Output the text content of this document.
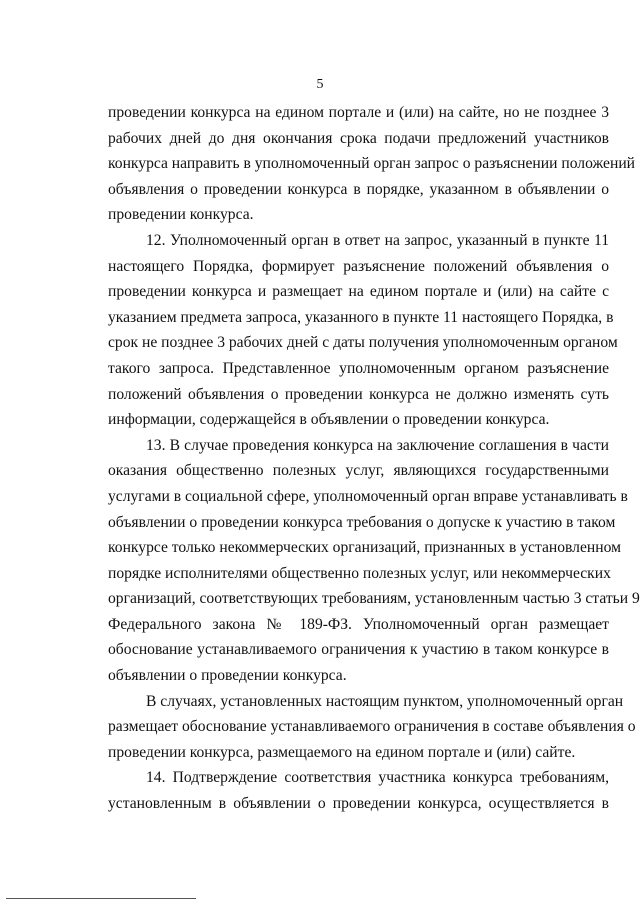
5

проведении конкурса на едином портале и (или) на сайте, но не позднее 3
рабочих дней до дня окончания срока подачи предложений участников
конкурса направить в уполномоченный орган запрос о разъяснении положений
объявления о проведении конкурса в порядке, указанном в объявлении о
проведении конкурса.

12. Уполномоченный орган в ответ на запрос, указанный в пункте 11
настоящего Порядка, формирует разъяснение положений объявления о
проведении конкурса и размещает на едином портале и (или) на сайте с
указанием предмета запроса, указанного в пункте 11 настоящего Порядка, в
срок не позднее 3 рабочих дней с даты получения уполномоченным органом
такого запроса. Представленное уполномоченным органом разъяснение
положений объявления о проведении конкурса не должно изменять суть
информации, содержащейся в объявлении о проведении конкурса.

13. В случае проведения конкурса на заключение соглашения в части
оказания общественно полезных услуг, являющихся государственными
услугами в социальной сфере, уполномоченный орган вправе устанавливать в
объявлении о проведении конкурса требования о допуске к участию в таком
конкурсе только некоммерческих организаций, признанных в установленном
порядке исполнителями общественно полезных услуг, или некоммерческих
организаций, соответствующих требованиям, установленным частью 3 статьи 9
Федерального закона № 189-ФЗ. Уполномоченный орган размещает
обоснование устанавливаемого ограничения к участию в таком конкурсе в
объявлении о проведении конкурса.

В случаях, установленных настоящим пунктом, уполномоченный орган
размещает обоснование устанавливаемого ограничения в составе объявления о
проведении конкурса, размещаемого на едином портале и (или) сайте.

14. Подтверждение соответствия участника конкурса требованиям,
установленным в объявлении о проведении конкурса, осуществляется в
